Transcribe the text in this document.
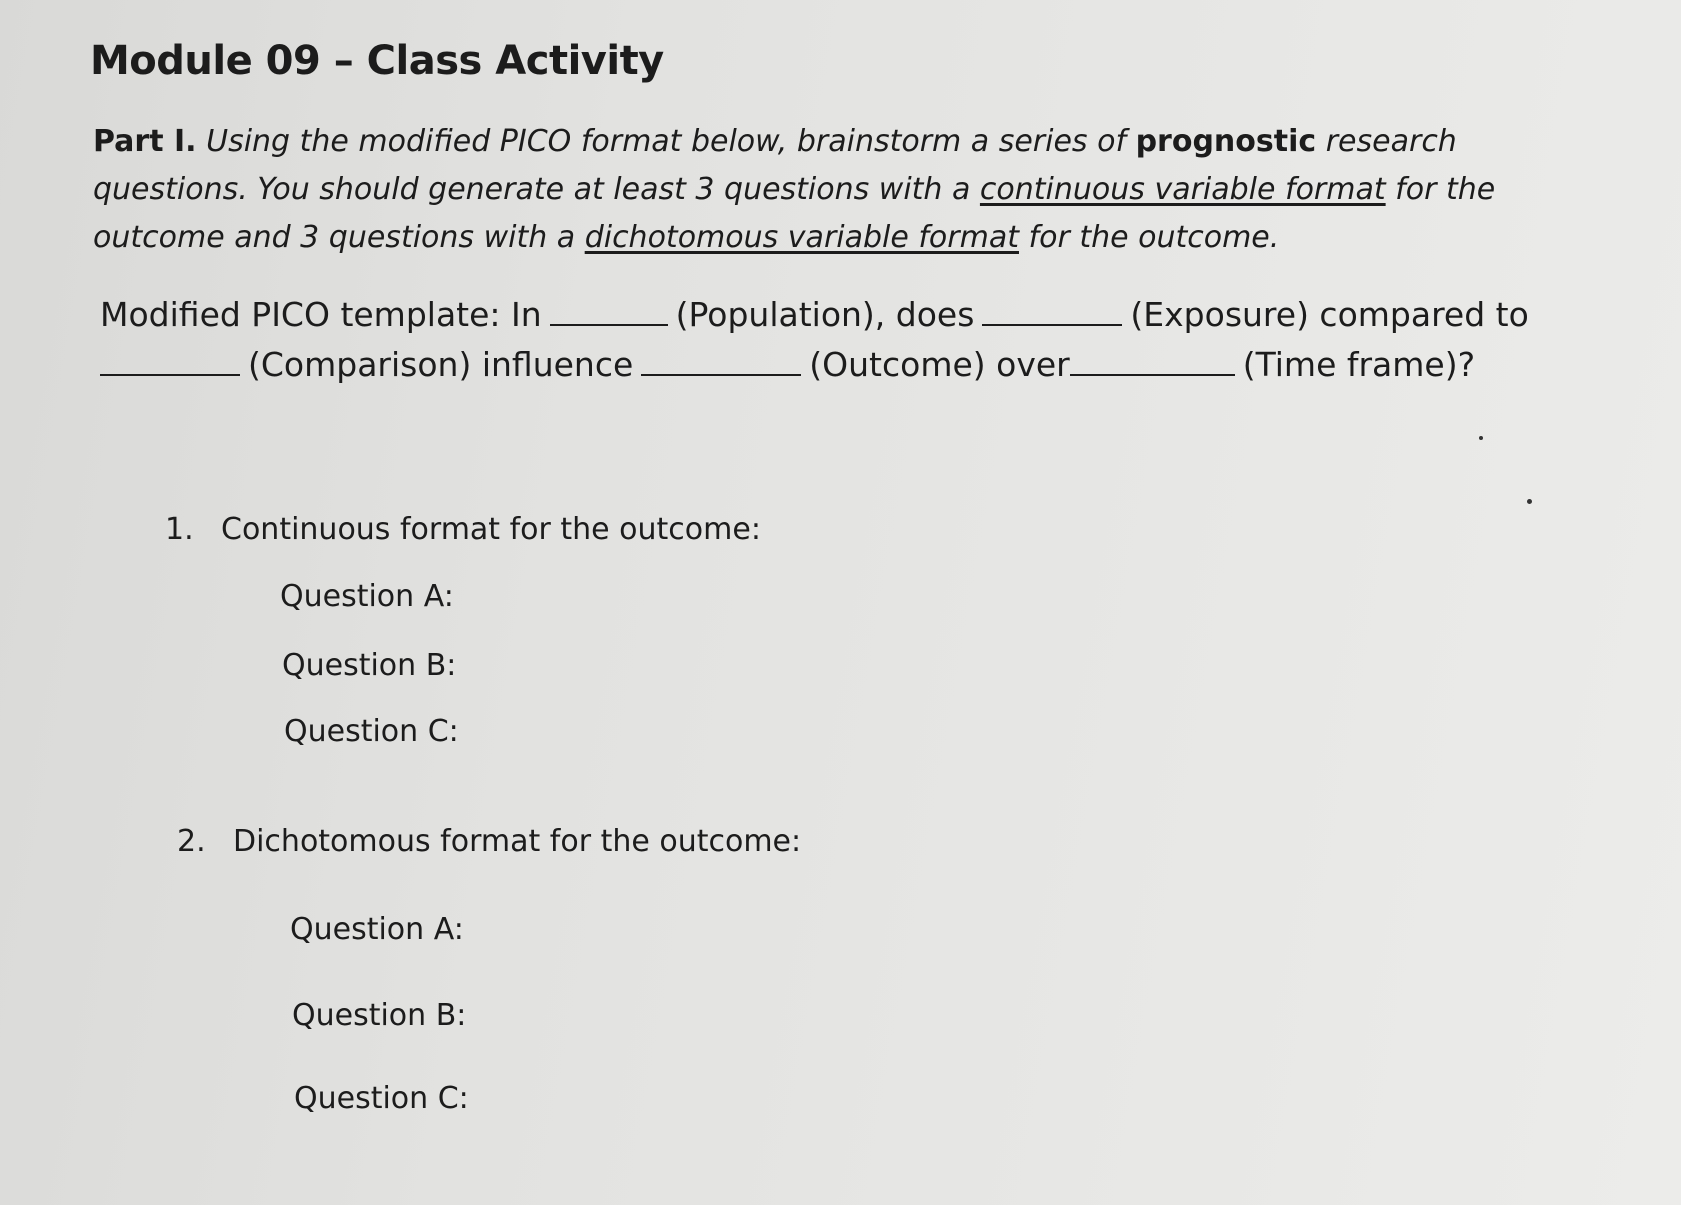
Module 09 – Class Activity

Part I. Using the modified PICO format below, brainstorm a series of prognostic research questions. You should generate at least 3 questions with a continuous variable format for the outcome and 3 questions with a dichotomous variable format for the outcome.

Modified PICO template: In	(Population), does	(Exposure) compared to
(Comparison) influence	(Outcome) over	(Time frame)?

1. Continuous format for the outcome:

Question A:

Question B:

Question C:

2. Dichotomous format for the outcome:

Question A:

Question B:

Question C:
